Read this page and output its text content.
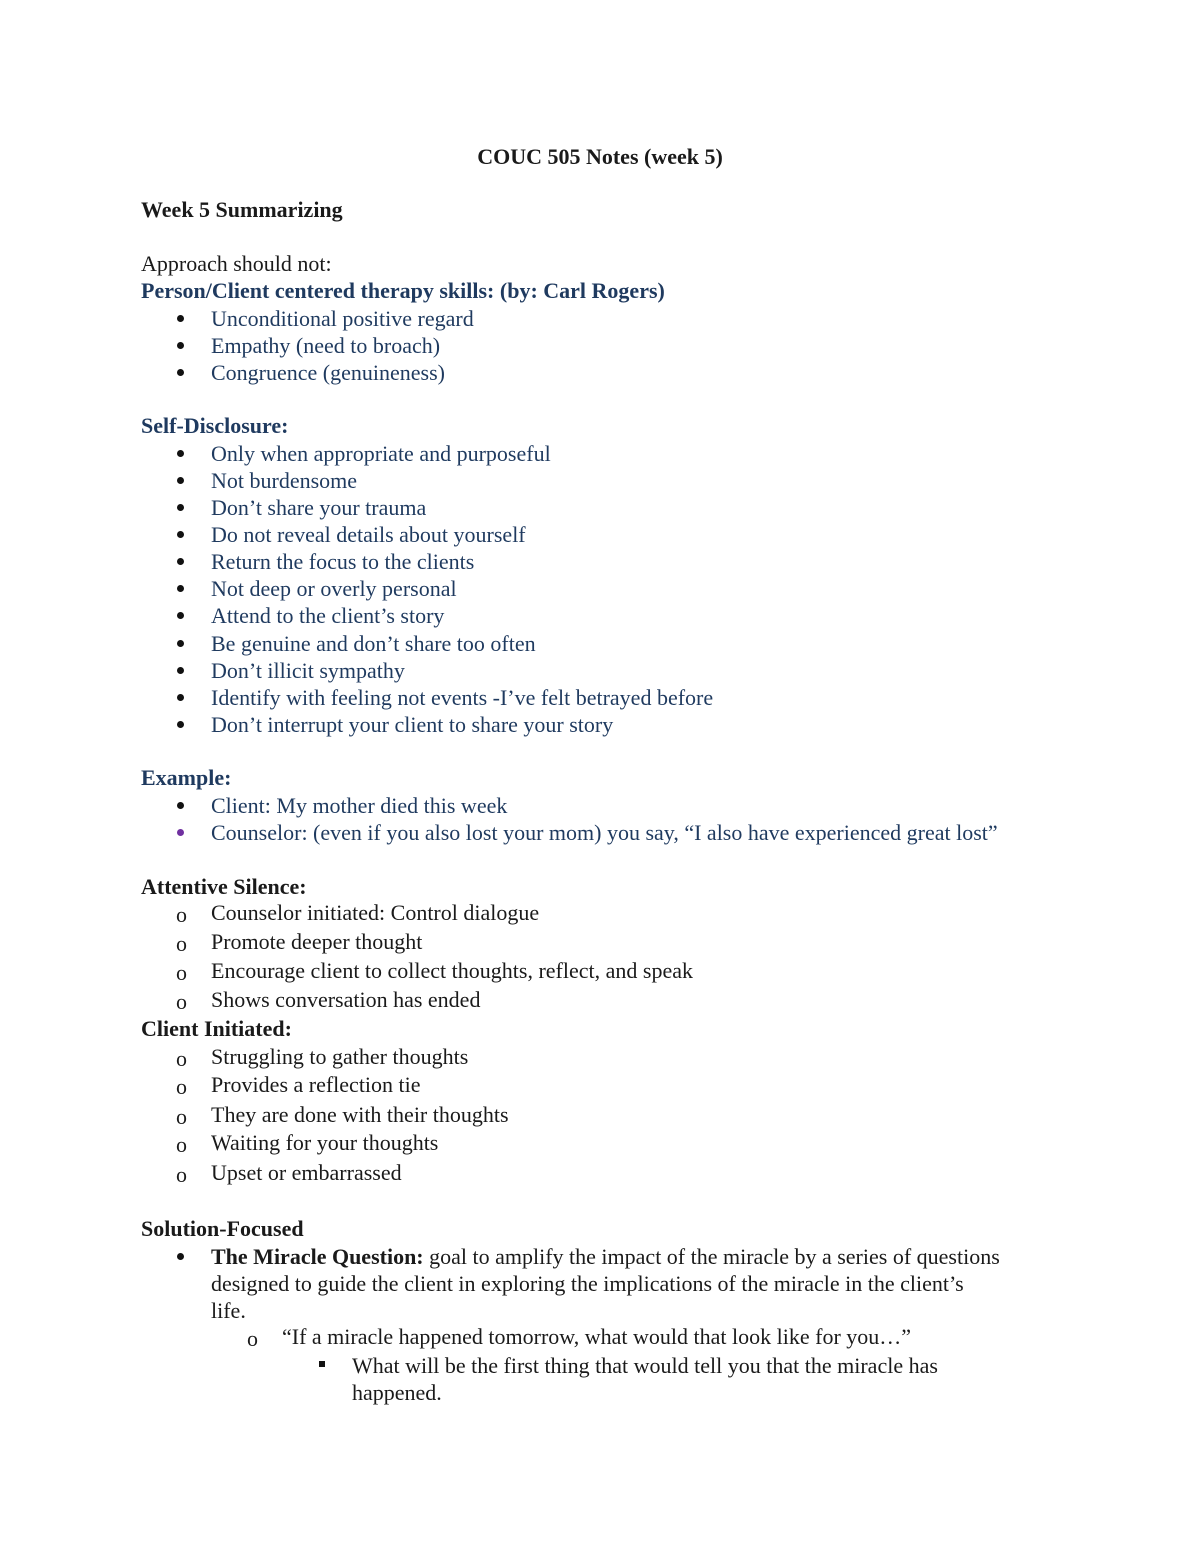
COUC 505 Notes (week 5)
Week 5 Summarizing
Approach should not:
Person/Client centered therapy skills: (by: Carl Rogers)
Unconditional positive regard
Empathy (need to broach)
Congruence (genuineness)
Self-Disclosure:
Only when appropriate and purposeful
Not burdensome
Don’t share your trauma
Do not reveal details about yourself
Return the focus to the clients
Not deep or overly personal
Attend to the client’s story
Be genuine and don’t share too often
Don’t illicit sympathy
Identify with feeling not events -I’ve felt betrayed before
Don’t interrupt your client to share your story
Example:
Client: My mother died this week
Counselor: (even if you also lost your mom) you say, “I also have experienced great lost”
Attentive Silence:
o Counselor initiated: Control dialogue
o Promote deeper thought
o Encourage client to collect thoughts, reflect, and speak
o Shows conversation has ended
Client Initiated:
o Struggling to gather thoughts
o Provides a reflection tie
o They are done with their thoughts
o Waiting for your thoughts
o Upset or embarrassed
Solution-Focused
The Miracle Question: goal to amplify the impact of the miracle by a series of questions
designed to guide the client in exploring the implications of the miracle in the client’s
life.
o “If a miracle happened tomorrow, what would that look like for you…”
What will be the first thing that would tell you that the miracle has
happened.
